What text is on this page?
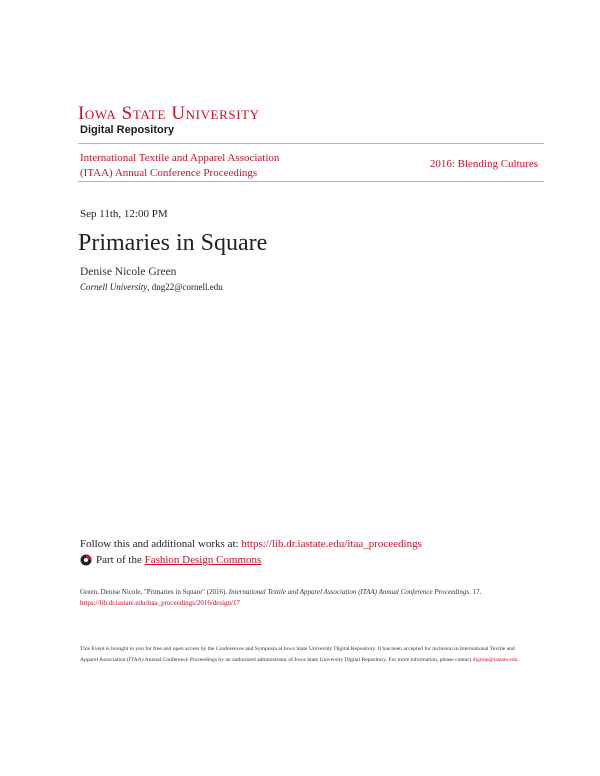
Iowa State University
Digital Repository
International Textile and Apparel Association
(ITAA) Annual Conference Proceedings
2016: Blending Cultures
Sep 11th, 12:00 PM
Primaries in Square
Denise Nicole Green
Cornell University, dng22@cornell.edu
Follow this and additional works at: https://lib.dr.iastate.edu/itaa_proceedings
Part of the
Fashion Design Commons
Green, Denise Nicole, "Primaries in Square" (2016). International Textile and Apparel Association (ITAA) Annual Conference Proceedings. 17.
https://lib.dr.iastate.edu/itaa_proceedings/2016/design/17
This Event is brought to you for free and open access by the Conferences and Symposia at Iowa State University Digital Repository. It has been accepted for inclusion in International Textile and Apparel Association (ITAA) Annual Conference Proceedings by an authorized administrator of Iowa State University Digital Repository. For more information, please contact digirep@iastate.edu.
